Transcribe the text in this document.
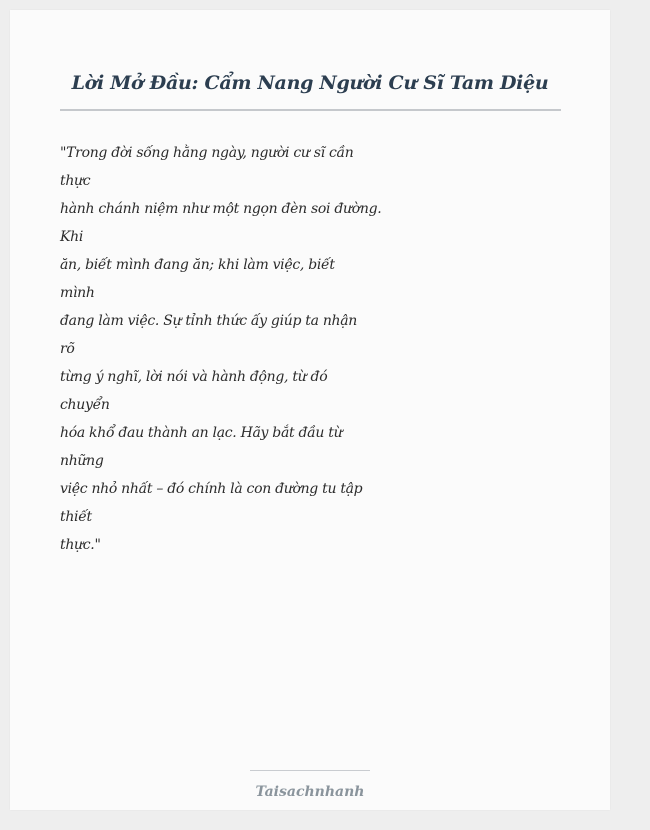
Lời Mở Đầu: Cẩm Nang Người Cư Sĩ Tam Diệu
"Trong đời sống hằng ngày, người cư sĩ cần
thực
hành chánh niệm như một ngọn đèn soi đường.
Khi
ăn, biết mình đang ăn; khi làm việc, biết
mình
đang làm việc. Sự tỉnh thức ấy giúp ta nhận
rõ
từng ý nghĩ, lời nói và hành động, từ đó
chuyển
hóa khổ đau thành an lạc. Hãy bắt đầu từ
những
việc nhỏ nhất – đó chính là con đường tu tập
thiết
thực."
Taisachnhanh
